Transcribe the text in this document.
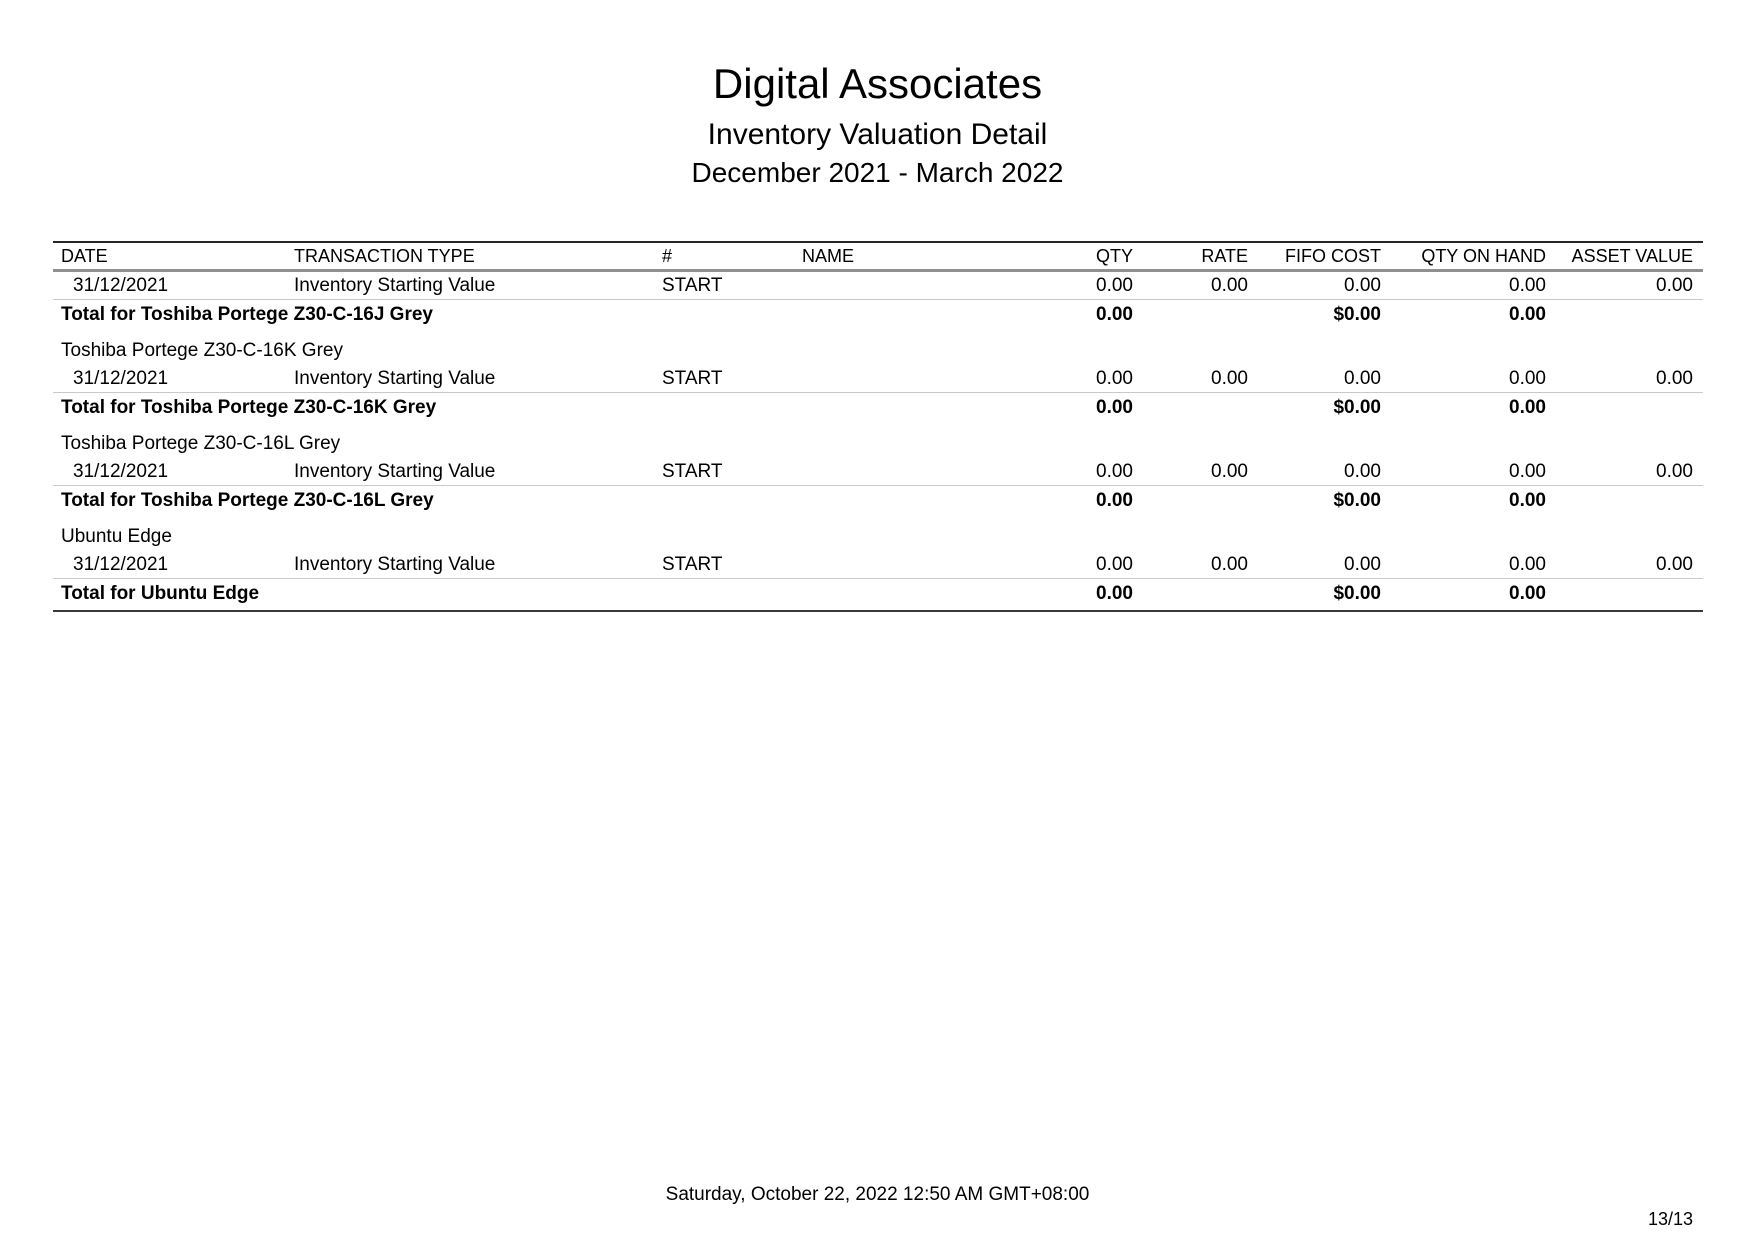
Digital Associates
Inventory Valuation Detail
December 2021 - March 2022
DATE	TRANSACTION TYPE	#	NAME	QTY	RATE	FIFO COST	QTY ON HAND	ASSET VALUE
31/12/2021	Inventory Starting Value	START		0.00	0.00	0.00	0.00	0.00
Total for Toshiba Portege Z30-C-16J Grey				0.00		$0.00	0.00	
Toshiba Portege Z30-C-16K Grey								
31/12/2021	Inventory Starting Value	START		0.00	0.00	0.00	0.00	0.00
Total for Toshiba Portege Z30-C-16K Grey				0.00		$0.00	0.00	
Toshiba Portege Z30-C-16L Grey								
31/12/2021	Inventory Starting Value	START		0.00	0.00	0.00	0.00	0.00
Total for Toshiba Portege Z30-C-16L Grey				0.00		$0.00	0.00	
Ubuntu Edge								
31/12/2021	Inventory Starting Value	START		0.00	0.00	0.00	0.00	0.00
Total for Ubuntu Edge				0.00		$0.00	0.00	
Saturday, October 22, 2022 12:50 AM GMT+08:00
13/13
